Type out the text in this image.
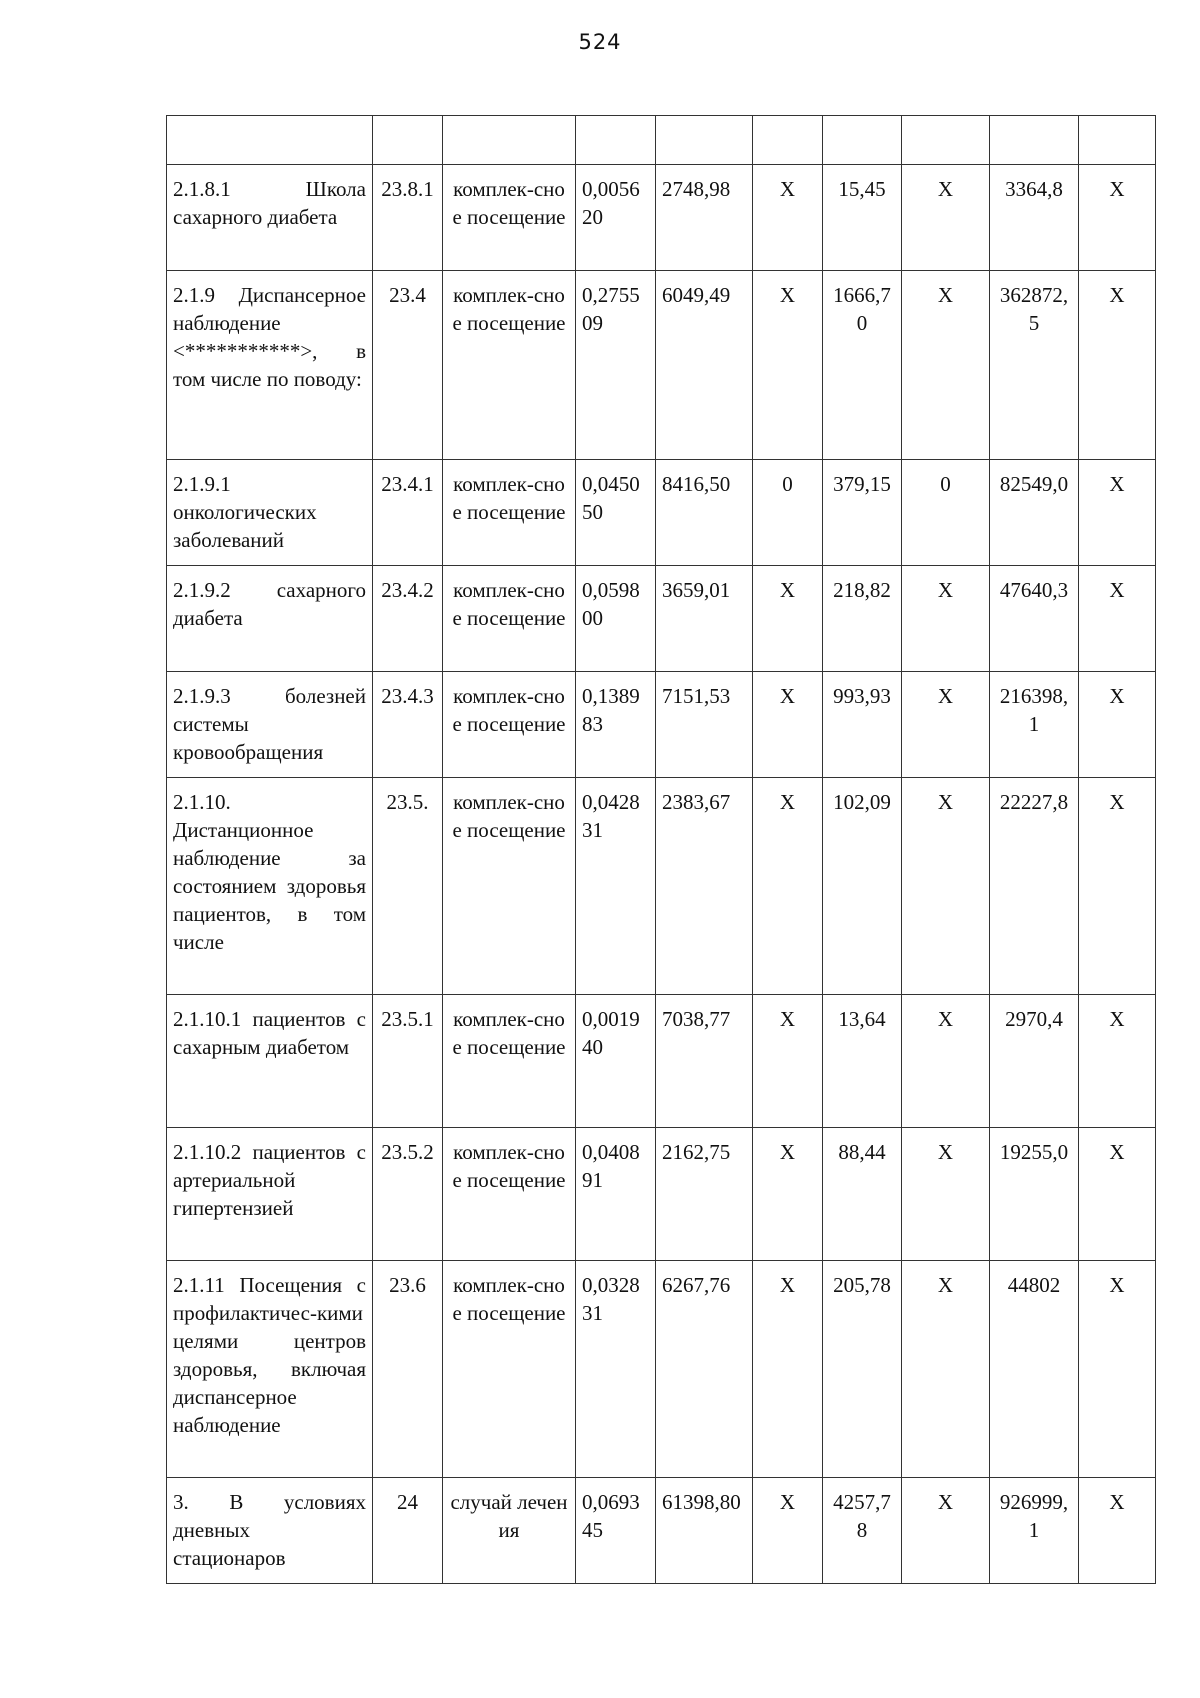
524

2.1.8.1 Школа сахарного диабета	23.8.1	комплек-сное посещение	0,005620	2748,98	X	15,45	X	3364,8	X
2.1.9 Диспансерное наблюдение <***********>, в том числе по поводу:	23.4	комплек-сное посещение	0,275509	6049,49	X	1666,70	X	362872,5	X
2.1.9.1 онкологических заболеваний	23.4.1	комплек-сное посещение	0,045050	8416,50	0	379,15	0	82549,0	X
2.1.9.2 сахарного диабета	23.4.2	комплек-сное посещение	0,059800	3659,01	X	218,82	X	47640,3	X
2.1.9.3 болезней системы кровообращения	23.4.3	комплек-сное посещение	0,138983	7151,53	X	993,93	X	216398,1	X
2.1.10. Дистанционное наблюдение за состоянием здоровья пациентов, в том числе	23.5.	комплек-сное посещение	0,042831	2383,67	X	102,09	X	22227,8	X
2.1.10.1 пациентов с сахарным диабетом	23.5.1	комплек-сное посещение	0,001940	7038,77	X	13,64	X	2970,4	X
2.1.10.2 пациентов с артериальной гипертензией	23.5.2	комплек-сное посещение	0,040891	2162,75	X	88,44	X	19255,0	X
2.1.11 Посещения с профилактичес-кими целями центров здоровья, включая диспансерное наблюдение	23.6	комплек-сное посещение	0,032831	6267,76	X	205,78	X	44802	X
3. В условиях дневных стационаров	24	случай лечения	0,069345	61398,80	X	4257,78	X	926999,1	X
